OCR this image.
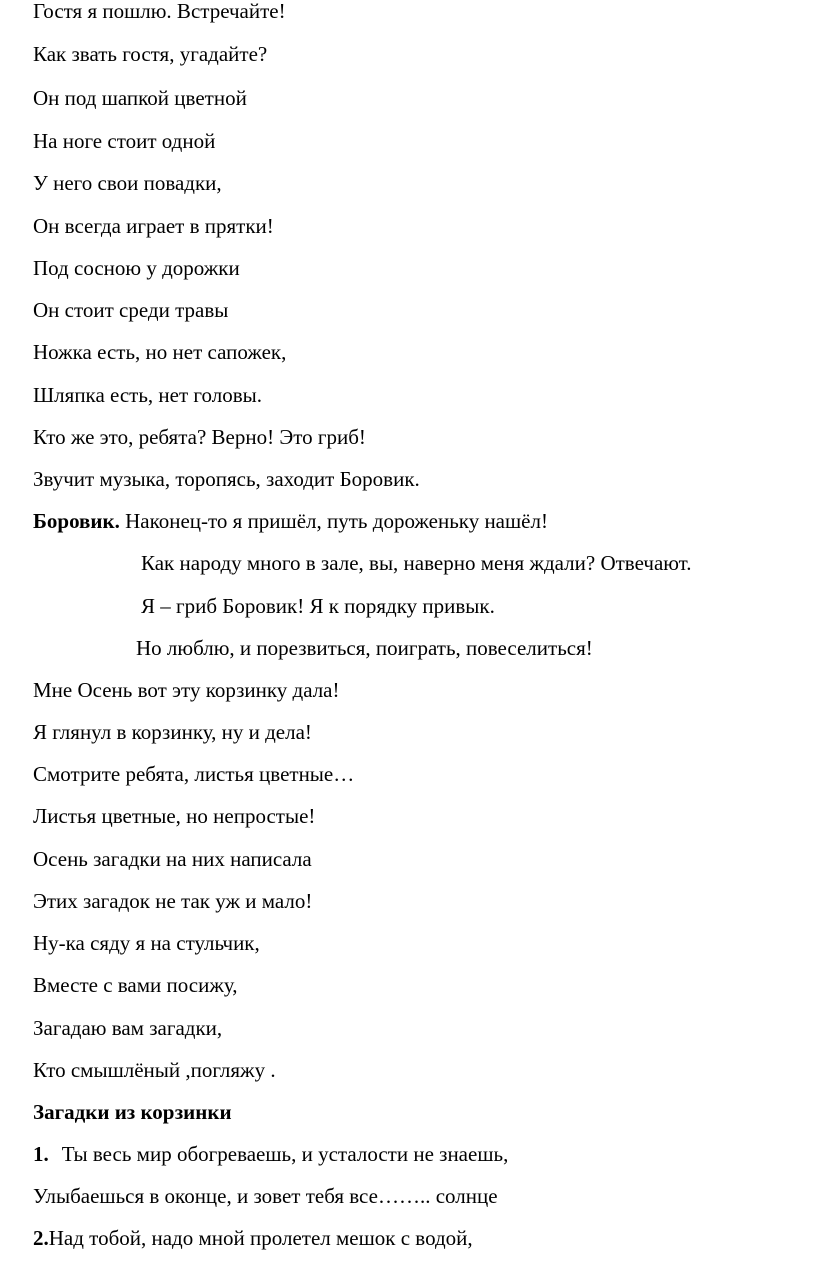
Гостя я пошлю. Встречайте!
Как звать гостя, угадайте?
Он под шапкой цветной
На ноге стоит одной
У него свои повадки,
Он всегда играет в прятки!
Под сосною у дорожки
Он стоит среди травы
Ножка есть, но нет сапожек,
Шляпка есть, нет головы.
Кто же это, ребята? Верно! Это гриб!
Звучит музыка, торопясь, заходит Боровик.
Боровик. Наконец-то я пришёл, путь дороженьку нашёл!
Как народу много в зале, вы, наверно меня ждали? Отвечают.
Я – гриб Боровик! Я к порядку привык.
Но люблю, и порезвиться, поиграть, повеселиться!
Мне Осень вот эту корзинку дала!
Я глянул в корзинку, ну и дела!
Смотрите ребята, листья цветные…
Листья цветные, но непростые!
Осень загадки на них написала
Этих загадок не так уж и мало!
Ну-ка сяду я на стульчик,
Вместе с вами посижу,
Загадаю вам загадки,
Кто смышлёный ,погляжу .
Загадки из корзинки
1. Ты весь мир обогреваешь, и усталости не знаешь,
Улыбаешься в оконце, и зовет тебя все…….. солнце
2.Над тобой, надо мной пролетел мешок с водой,
